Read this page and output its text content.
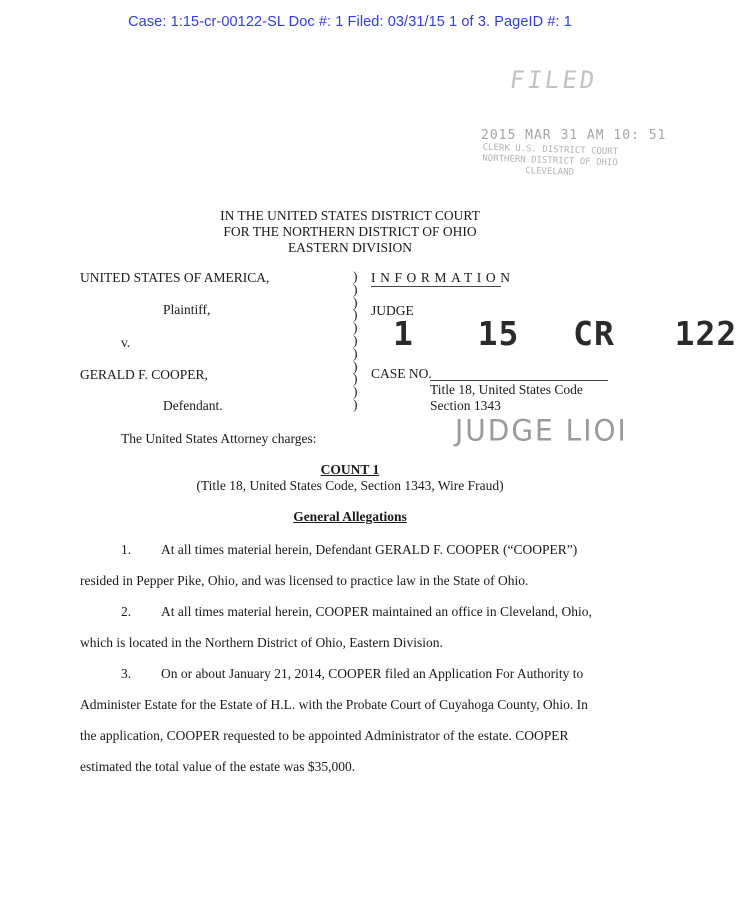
Case: 1:15-cr-00122-SL Doc #: 1 Filed: 03/31/15 1 of 3. PageID #: 1
FILED
2015 MAR 31 AM 10: 51
CLERK U.S. DISTRICT COURT
NORTHERN DISTRICT OF OHIO
CLEVELAND
IN THE UNITED STATES DISTRICT COURT
FOR THE NORTHERN DISTRICT OF OHIO
EASTERN DIVISION
UNITED STATES OF AMERICA,
Plaintiff,
v.
GERALD F. COOPER,
Defendant.
)
)
)
)
)
)
)
)
)
)
)
INFORMATION
JUDGE
1 15 CR 122
CASE NO.
Title 18, United States Code
Section 1343
JUDGE LIOI
The United States Attorney charges:
COUNT 1
(Title 18, United States Code, Section 1343, Wire Fraud)
General Allegations
1. At all times material herein, Defendant GERALD F. COOPER (“COOPER”)
resided in Pepper Pike, Ohio, and was licensed to practice law in the State of Ohio.
2. At all times material herein, COOPER maintained an office in Cleveland, Ohio,
which is located in the Northern District of Ohio, Eastern Division.
3. On or about January 21, 2014, COOPER filed an Application For Authority to
Administer Estate for the Estate of H.L. with the Probate Court of Cuyahoga County, Ohio. In
the application, COOPER requested to be appointed Administrator of the estate. COOPER
estimated the total value of the estate was $35,000.
